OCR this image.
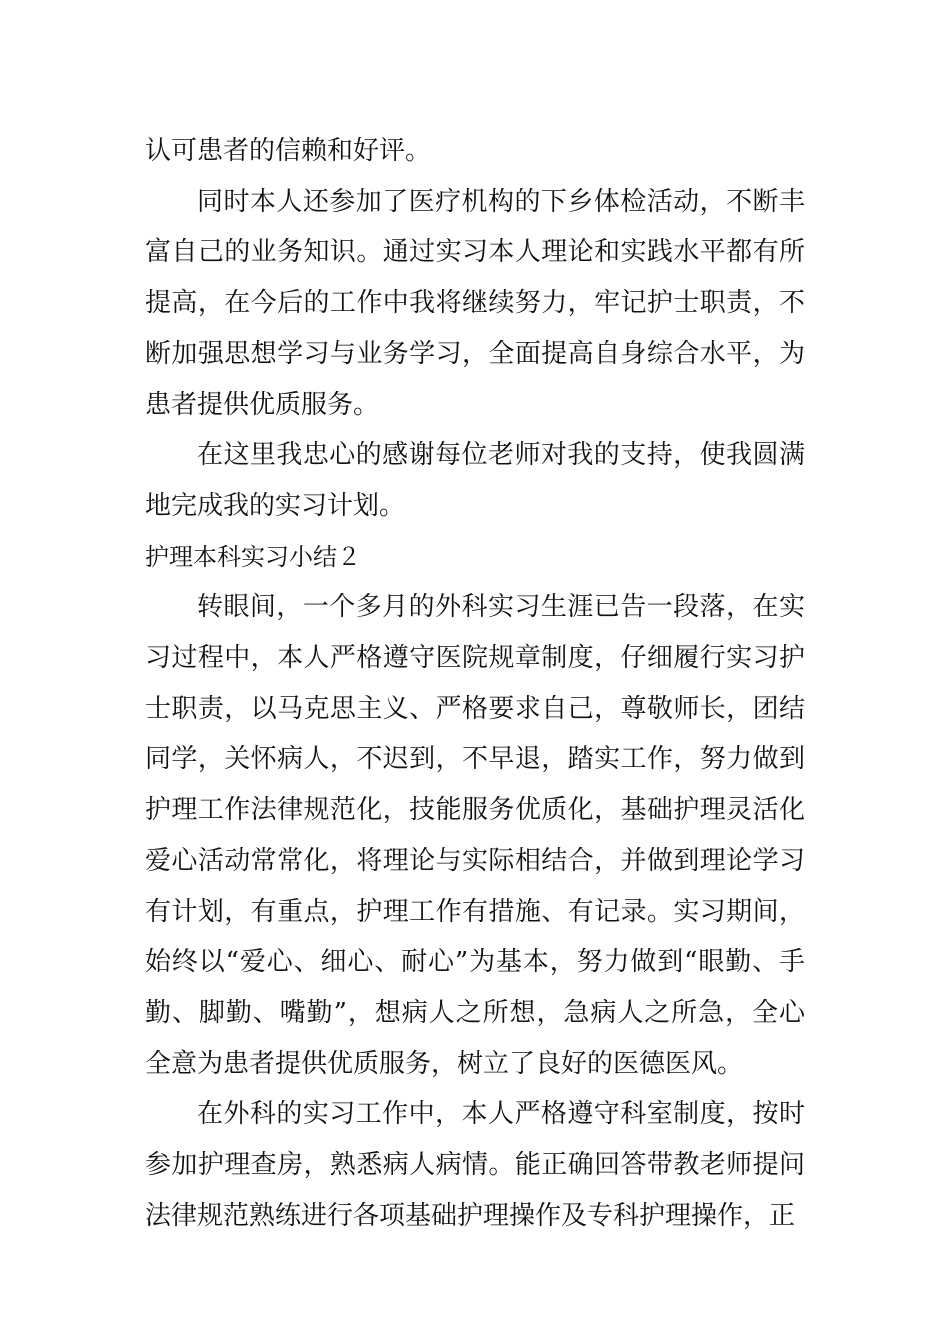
认可患者的信赖和好评。

同时本人还参加了医疗机构的下乡体检活动，不断丰富自己的业务知识。通过实习本人理论和实践水平都有所提高，在今后的工作中我将继续努力，牢记护士职责，不断加强思想学习与业务学习，全面提高自身综合水平，为患者提供优质服务。

在这里我忠心的感谢每位老师对我的支持，使我圆满地完成我的实习计划。

护理本科实习小结２

转眼间，一个多月的外科实习生涯已告一段落，在实习过程中，本人严格遵守医院规章制度，仔细履行实习护士职责，以马克思主义、严格要求自己，尊敬师长，团结同学，关怀病人，不迟到，不早退，踏实工作，努力做到护理工作法律规范化，技能服务优质化，基础护理灵活化爱心活动常常化，将理论与实际相结合，并做到理论学习有计划，有重点，护理工作有措施、有记录。实习期间，始终以“爱心、细心、耐心”为基本，努力做到“眼勤、手勤、脚勤、嘴勤”，想病人之所想，急病人之所急，全心全意为患者提供优质服务，树立了良好的医德医风。

在外科的实习工作中，本人严格遵守科室制度，按时参加护理查房，熟悉病人病情。能正确回答带教老师提问法律规范熟练进行各项基础护理操作及专科护理操作，正
